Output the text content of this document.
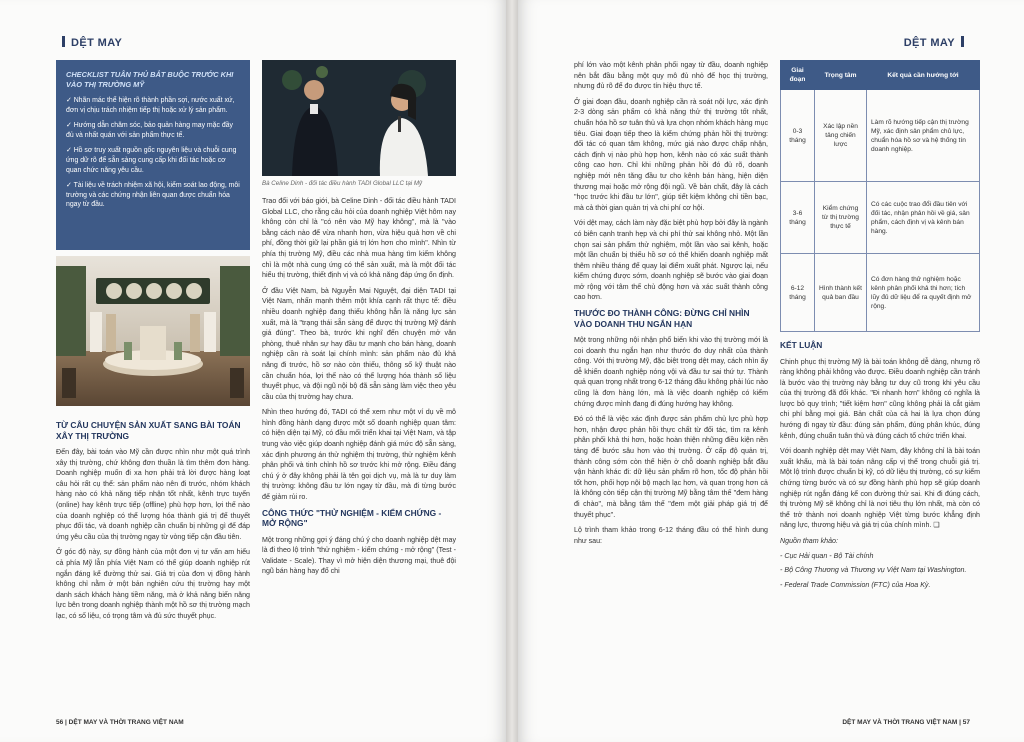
DỆT MAY
CHECKLIST TUÂN THỦ BẮT BUỘC TRƯỚC KHI VÀO THỊ TRƯỜNG MỸ
✓ Nhãn mác thể hiện rõ thành phần sợi, nước xuất xứ, đơn vị chịu trách nhiệm tiếp thị hoặc xử lý sản phẩm.
✓ Hướng dẫn chăm sóc, bảo quản hàng may mặc đầy đủ và nhất quán với sản phẩm thực tế.
✓ Hồ sơ truy xuất nguồn gốc nguyên liệu và chuỗi cung ứng dữ rõ để sẵn sàng cung cấp khi đối tác hoặc cơ quan chức năng yêu cầu.
✓ Tài liệu về trách nhiệm xã hội, kiểm soát lao động, môi trường và các chứng nhận liên quan được chuẩn hóa ngay từ đầu.
Bà Celine Dinh - đối tác điều hành TADI Global LLC tại Mỹ
TỪ CÂU CHUYỆN SẢN XUẤT SANG BÀI TOÁN XÂY THỊ TRƯỜNG

Đến đây, bài toán vào Mỹ cần được nhìn như một quá trình xây thị trường, chứ không đơn thuần là tìm thêm đơn hàng. Doanh nghiệp muốn đi xa hơn phải trả lời được hàng loạt câu hỏi rất cụ thể: sản phẩm nào nên đi trước, nhóm khách hàng nào có khả năng tiếp nhận tốt nhất, kênh trực tuyến (online) hay kênh trực tiếp (offline) phù hợp hơn, lợi thế nào của doanh nghiệp có thể lượng hóa thành giá trị để thuyết phục đối tác, và doanh nghiệp cần chuẩn bị những gì để đáp ứng yêu cầu của thị trường ngay từ vòng tiếp cận đầu tiên.

Ở góc độ này, sự đồng hành của một đơn vị tư vấn am hiểu cả phía Mỹ lẫn phía Việt Nam có thể giúp doanh nghiệp rút ngắn đáng kể đường thử sai. Giá trị của đơn vị đồng hành không chỉ nằm ở một bản nghiên cứu thị trường hay một danh sách khách hàng tiềm năng, mà ở khả năng biến năng lực bên trong doanh nghiệp thành một hồ sơ thị trường mạch lạc, có số liệu, có trọng tâm và đủ sức thuyết phục.

Trao đổi với báo giới, bà Celine Dinh - đối tác điều hành TADI Global LLC, cho rằng câu hỏi của doanh nghiệp Việt hôm nay không còn chỉ là "có nên vào Mỹ hay không", mà là "vào bằng cách nào để vừa nhanh hơn, vừa hiệu quả hơn về chi phí, đồng thời giữ lại phần giá trị lớn hơn cho mình". Nhìn từ phía thị trường Mỹ, điều các nhà mua hàng tìm kiếm không chỉ là một nhà cung ứng có thể sản xuất, mà là một đối tác hiểu thị trường, thiết định vị và có khả năng đáp ứng ổn định.

Ở đầu Việt Nam, bà Nguyễn Mai Nguyệt, đại diện TADI tại Việt Nam, nhấn mạnh thêm một khía cạnh rất thực tế: điều nhiều doanh nghiệp đang thiếu không hẳn là năng lực sản xuất, mà là "trạng thái sẵn sàng để được thị trường Mỹ đánh giá đúng". Theo bà, trước khi nghĩ đến chuyện mở văn phòng, thuê nhân sự hay đầu tư mạnh cho bán hàng, doanh nghiệp cần rà soát lại chính mình: sản phẩm nào đủ khả năng đi trước, hồ sơ nào còn thiếu, thông số kỹ thuật nào cần chuẩn hóa, lợi thế nào có thể lượng hóa thành số liệu thuyết phục, và đội ngũ nội bộ đã sẵn sàng làm việc theo yêu cầu của thị trường hay chưa.

Nhìn theo hướng đó, TADI có thể xem như một ví dụ về mô hình đồng hành dạng được một số doanh nghiệp quan tâm: có hiện diện tại Mỹ, có đầu mối triển khai tại Việt Nam, và tập trung vào việc giúp doanh nghiệp đánh giá mức độ sẵn sàng, xác định phương án thử nghiệm thị trường, thử nghiệm kênh phân phối và tinh chỉnh hồ sơ trước khi mở rộng. Điều đáng chú ý ở đây không phải là tên gọi dịch vụ, mà là tư duy làm thị trường: không đầu tư lớn ngay từ đầu, mà đi từng bước để giảm rủi ro.

CÔNG THỨC "THỬ NGHIỆM - KIỂM CHỨNG - MỞ RỘNG"

Một trong những gợi ý đáng chú ý cho doanh nghiệp dệt may là đi theo lộ trình "thử nghiệm - kiểm chứng - mở rộng" (Test - Validate - Scale). Thay vì mở hiện diện thương mại, thuê đội ngũ bán hàng hay đổ chi

56 | DỆT MAY VÀ THỜI TRANG VIỆT NAM
DỆT MAY

phí lớn vào một kênh phân phối ngay từ đầu, doanh nghiệp nên bắt đầu bằng một quy mô đủ nhỏ để học thị trường, nhưng đủ rõ để đo được tín hiệu thực tế.

Ở giai đoạn đầu, doanh nghiệp cần rà soát nội lực, xác định 2-3 dòng sản phẩm có khả năng thử thị trường tốt nhất, chuẩn hóa hồ sơ tuân thủ và lựa chọn nhóm khách hàng mục tiêu. Giai đoạn tiếp theo là kiểm chứng phản hồi thị trường: đối tác có quan tâm không, mức giá nào được chấp nhận, cách định vị nào phù hợp hơn, kênh nào có xác suất thành công cao hơn. Chỉ khi những phản hồi đó đủ rõ, doanh nghiệp mới nên tăng đầu tư cho kênh bán hàng, hiện diện thương mại hoặc mở rộng đội ngũ. Về bản chất, đây là cách "học trước khi đầu tư lớn", giúp tiết kiệm không chỉ tiền bạc, mà cả thời gian quản trị và chi phí cơ hội.

Với dệt may, cách làm này đặc biệt phù hợp bởi đây là ngành có biên cạnh tranh hẹp và chi phí thử sai không nhỏ. Một lần chọn sai sản phẩm thử nghiệm, một lần vào sai kênh, hoặc một lần chuẩn bị thiếu hồ sơ có thể khiến doanh nghiệp mất thêm nhiều tháng để quay lại điểm xuất phát. Ngược lại, nếu kiểm chứng được sớm, doanh nghiệp sẽ bước vào giai đoạn mở rộng với tâm thế chủ động hơn và xác suất thành công cao hơn.

THƯỚC ĐO THÀNH CÔNG: ĐỪNG CHỈ NHÌN VÀO DOANH THU NGẮN HẠN

Một trong những nội nhận phổ biến khi vào thị trường mới là coi doanh thu ngắn hạn như thước đo duy nhất của thành công. Với thị trường Mỹ, đặc biệt trong dệt may, cách nhìn ấy dễ khiến doanh nghiệp nóng vội và đầu tư sai thứ tự. Thành quả quan trọng nhất trong 6-12 tháng đầu không phải lúc nào cũng là đơn hàng lớn, mà là việc doanh nghiệp có kiểm chứng được mình đang đi đúng hướng hay không.

Đó có thể là việc xác định được sản phẩm chủ lực phù hợp hơn, nhận được phản hồi thực chất từ đối tác, tìm ra kênh phân phối khả thi hơn, hoặc hoàn thiện những điều kiện nền tảng để bước sâu hơn vào thị trường. Ở cấp độ quản trị, thành công sớm còn thể hiện ở chỗ doanh nghiệp bắt đầu vận hành khác đi: dữ liệu sản phẩm rõ hơn, tốc độ phản hồi tốt hơn, phối hợp nội bộ mạch lạc hơn, và quan trọng hơn cả là không còn tiếp cận thị trường Mỹ bằng tâm thế "đem hàng đi chào", mà bằng tâm thế "đem một giải pháp giá trị để thuyết phục".

Lộ trình tham khảo trong 6-12 tháng đầu có thể hình dung như sau:

Giai đoạn	Trọng tâm	Kết quả cần hướng tới
0-3 tháng	Xác lập nền tảng chiến lược	Làm rõ hướng tiếp cận thị trường Mỹ, xác định sản phẩm chủ lực, chuẩn hóa hồ sơ và hệ thống tín doanh nghiệp.
3-6 tháng	Kiểm chứng từ thị trường thực tế	Có các cuộc trao đổi đầu tiên với đối tác, nhận phản hồi về giá, sản phẩm, cách định vị và kênh bán hàng.
6-12 tháng	Hình thành kết quả ban đầu	Có đơn hàng thử nghiệm hoặc kênh phân phối khả thi hơn; tích lũy đủ dữ liệu để ra quyết định mở rộng.
KẾT LUẬN

Chinh phục thị trường Mỹ là bài toán không dễ dàng, nhưng rõ ràng không phải không vào được. Điều doanh nghiệp cần tránh là bước vào thị trường này bằng tư duy cũ trong khi yêu cầu của thị trường đã đổi khác. "Đi nhanh hơn" không có nghĩa là lược bỏ quy trình; "tiết kiệm hơn" cũng không phải là cắt giảm chi phí bằng mọi giá. Bản chất của cả hai là lựa chọn đúng hướng đi ngay từ đầu: đúng sản phẩm, đúng phân khúc, đúng kênh, đúng chuẩn tuân thủ và đúng cách tổ chức triển khai.

Với doanh nghiệp dệt may Việt Nam, đây không chỉ là bài toán xuất khẩu, mà là bài toán nâng cấp vị thế trong chuỗi giá trị. Một lộ trình được chuẩn bị kỹ, có dữ liệu thị trường, có sự kiểm chứng từng bước và có sự đồng hành phù hợp sẽ giúp doanh nghiệp rút ngắn đáng kể con đường thử sai. Khi đi đúng cách, thị trường Mỹ sẽ không chỉ là nơi tiêu thụ lớn nhất, mà còn có thể trở thành nơi doanh nghiệp Việt từng bước khẳng định năng lực, thương hiệu và giá trị của chính mình. ❑

Nguồn tham khảo:

- Cục Hải quan - Bộ Tài chính

- Bộ Công Thương và Thương vụ Việt Nam tại Washington.

- Federal Trade Commission (FTC) của Hoa Kỳ.

DỆT MAY VÀ THỜI TRANG VIỆT NAM | 57
